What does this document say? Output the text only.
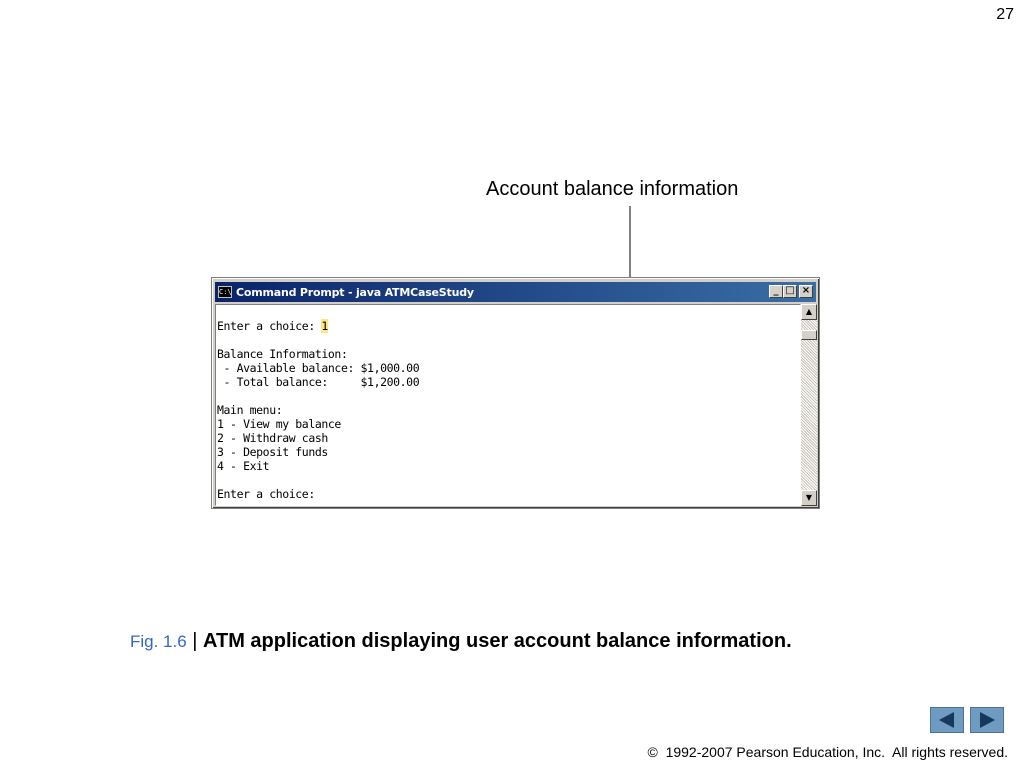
27
Account balance information
C:\ Command Prompt - java ATMCaseStudy	_ □ ×
Enter a choice: 1

Balance Information:
- Available balance: $1,000.00
- Total balance:     $1,200.00

Main menu:
1 - View my balance
2 - Withdraw cash
3 - Deposit funds
4 - Exit

Enter a choice:
▲
▼
Fig. 1.6 | ATM application displaying user account balance information.
©  1992-2007 Pearson Education, Inc.  All rights reserved.
